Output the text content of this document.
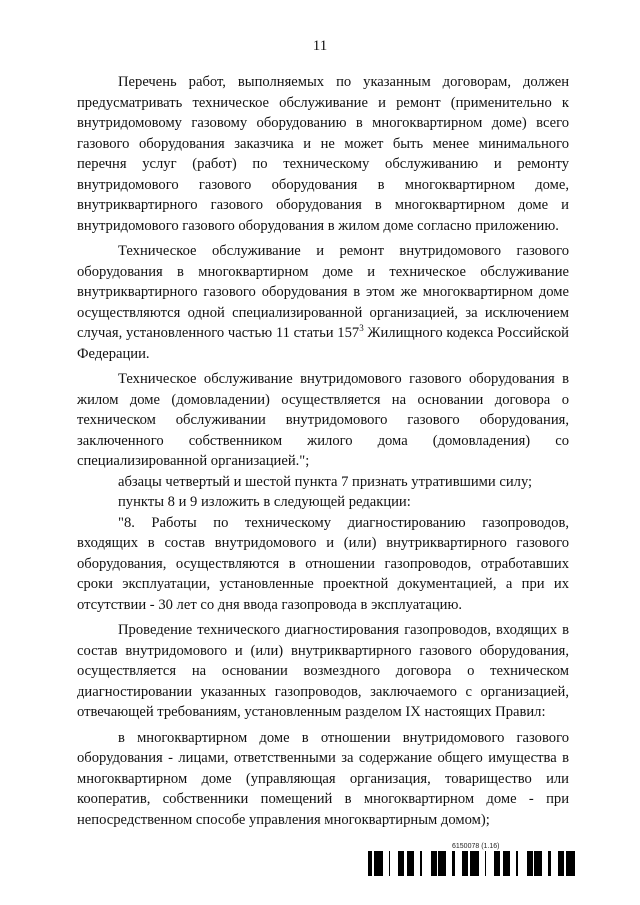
11

Перечень работ, выполняемых по указанным договорам, должен предусматривать техническое обслуживание и ремонт (применительно к внутридомовому газовому оборудованию в многоквартирном доме) всего газового оборудования заказчика и не может быть менее минимального перечня услуг (работ) по техническому обслуживанию и ремонту внутридомового газового оборудования в многоквартирном доме, внутриквартирного газового оборудования в многоквартирном доме и внутридомового газового оборудования в жилом доме согласно приложению.

Техническое обслуживание и ремонт внутридомового газового оборудования в многоквартирном доме и техническое обслуживание внутриквартирного газового оборудования в этом же многоквартирном доме осуществляются одной специализированной организацией, за исключением случая, установленного частью 11 статьи $157^3$ Жилищного кодекса Российской Федерации.

Техническое обслуживание внутридомового газового оборудования в жилом доме (домовладении) осуществляется на основании договора о техническом обслуживании внутридомового газового оборудования, заключенного собственником жилого дома (домовладения) со специализированной организацией.";

абзацы четвертый и шестой пункта 7 признать утратившими силу;

пункты 8 и 9 изложить в следующей редакции:

"8. Работы по техническому диагностированию газопроводов, входящих в состав внутридомового и (или) внутриквартирного газового оборудования, осуществляются в отношении газопроводов, отработавших сроки эксплуатации, установленные проектной документацией, а при их отсутствии - 30 лет со дня ввода газопровода в эксплуатацию.

Проведение технического диагностирования газопроводов, входящих в состав внутридомового и (или) внутриквартирного газового оборудования, осуществляется на основании возмездного договора о техническом диагностировании указанных газопроводов, заключаемого с организацией, отвечающей требованиям, установленным разделом IX настоящих Правил:

в многоквартирном доме в отношении внутридомового газового оборудования - лицами, ответственными за содержание общего имущества в многоквартирном доме (управляющая организация, товарищество или кооператив, собственники помещений в многоквартирном доме - при непосредственном способе управления многоквартирным домом);

6150078 (1.16)
